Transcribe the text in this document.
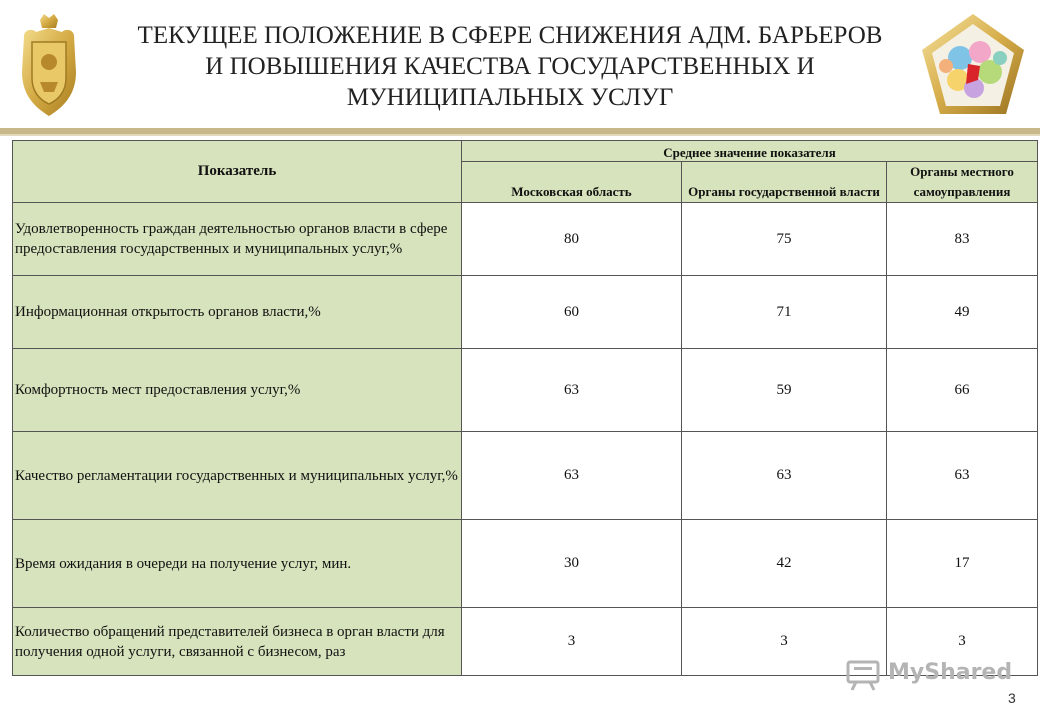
ТЕКУЩЕЕ ПОЛОЖЕНИЕ В СФЕРЕ СНИЖЕНИЯ АДМ. БАРЬЕРОВ
И ПОВЫШЕНИЯ КАЧЕСТВА ГОСУДАРСТВЕННЫХ И
МУНИЦИПАЛЬНЫХ УСЛУГ
Показатель	Среднее значение показателя		
	Московская область	Органы государственной власти	Органы местного самоуправления
Удовлетворенность граждан деятельностью органов власти в сфере предоставления государственных и муниципальных услуг,%	80	75	83
Информационная открытость органов власти,%	60	71	49
Комфортность мест предоставления услуг,%	63	59	66
Качество регламентации государственных и муниципальных услуг,%	63	63	63
Время ожидания в очереди на получение услуг, мин.	30	42	17
Количество обращений представителей бизнеса в орган власти для получения одной услуги, связанной с бизнесом, раз	3	3	3
MyShared
3
